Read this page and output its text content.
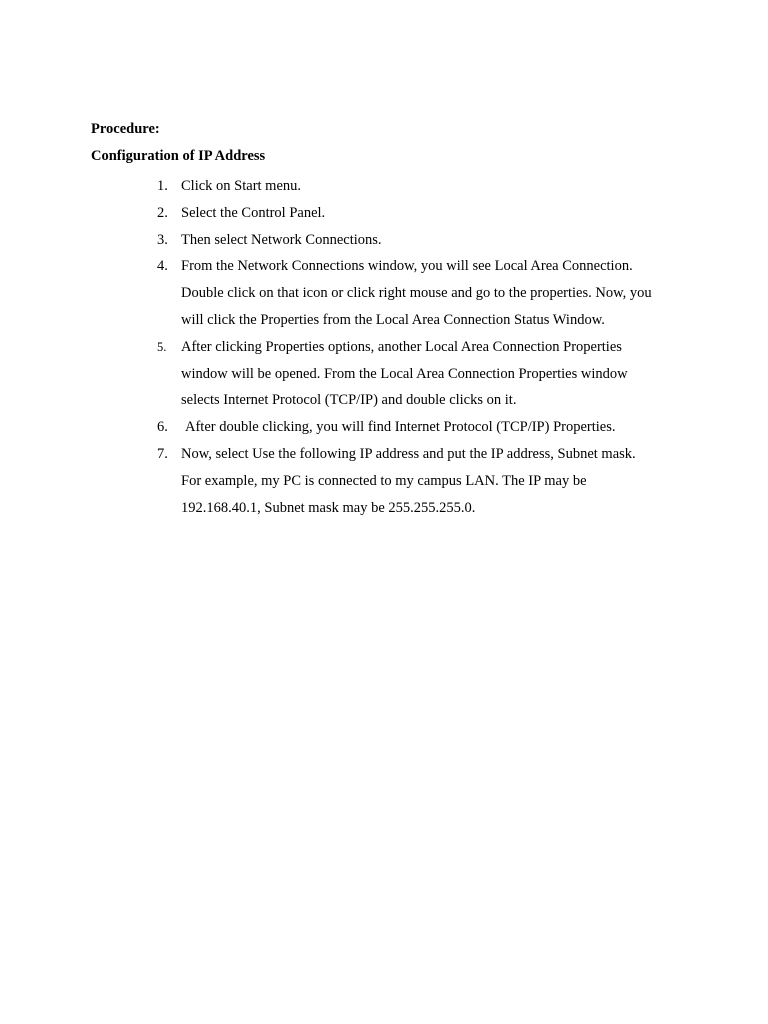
Procedure:
Configuration of IP Address
1. Click on Start menu.
2. Select the Control Panel.
3. Then select Network Connections.
4. From the Network Connections window, you will see Local Area Connection.
Double click on that icon or click right mouse and go to the properties. Now, you
will click the Properties from the Local Area Connection Status Window.
5. After clicking Properties options, another Local Area Connection Properties
window will be opened. From the Local Area Connection Properties window
selects Internet Protocol (TCP/IP) and double clicks on it.
6. After double clicking, you will find Internet Protocol (TCP/IP) Properties.
7. Now, select Use the following IP address and put the IP address, Subnet mask.
For example, my PC is connected to my campus LAN. The IP may be
192.168.40.1, Subnet mask may be 255.255.255.0.
